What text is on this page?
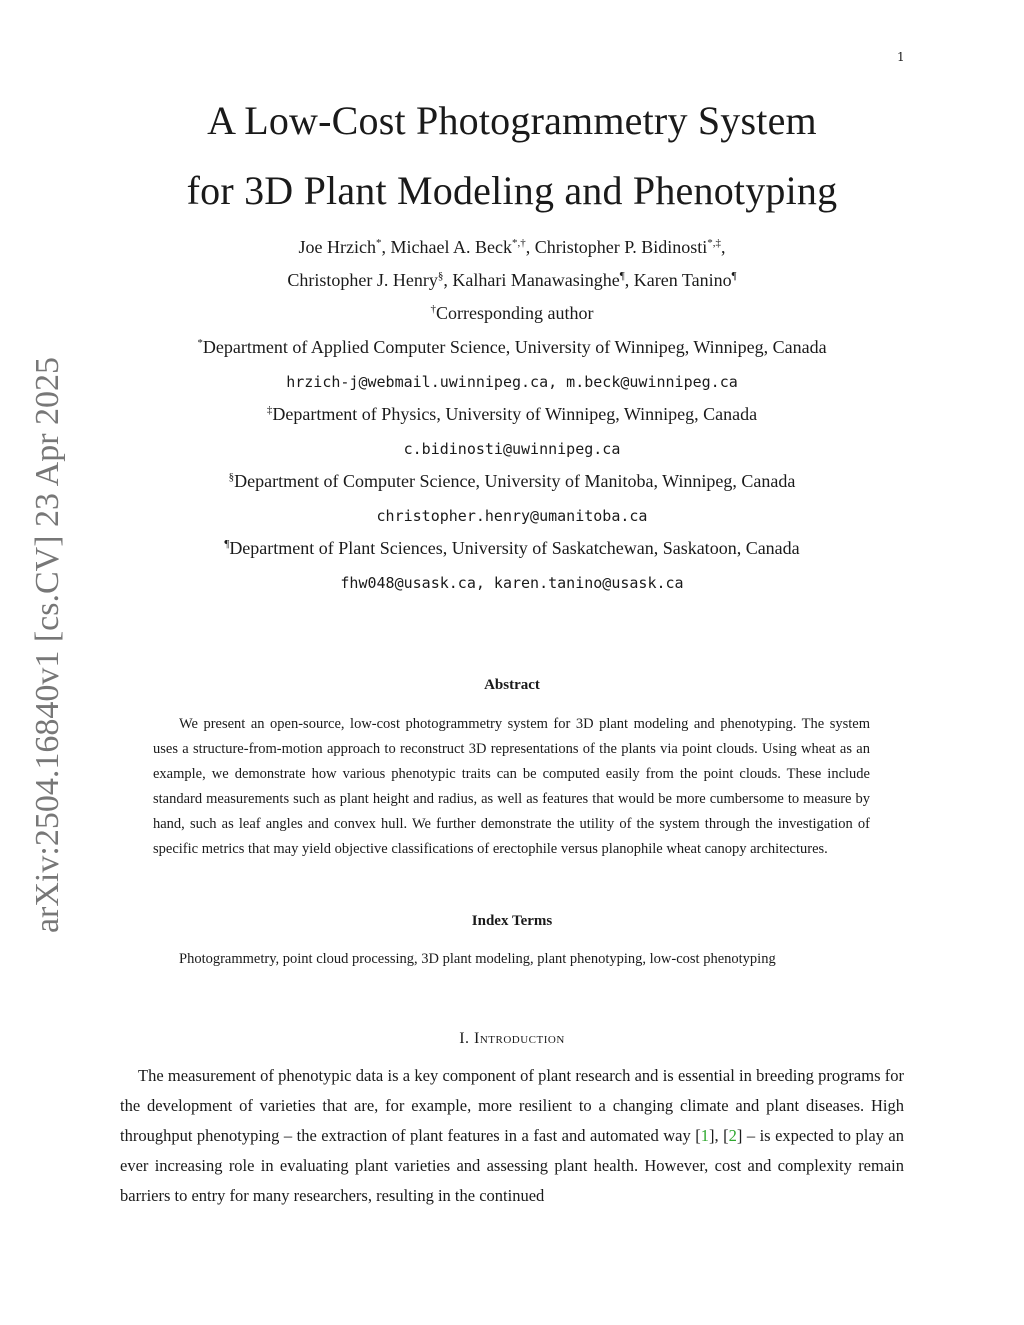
1
arXiv:2504.16840v1 [cs.CV] 23 Apr 2025
A Low-Cost Photogrammetry System
for 3D Plant Modeling and Phenotyping
Joe Hrzich*, Michael A. Beck*,†, Christopher P. Bidinosti*,‡,
Christopher J. Henry§, Kalhari Manawasinghe¶, Karen Tanino¶
†Corresponding author
*Department of Applied Computer Science, University of Winnipeg, Winnipeg, Canada
hrzich-j@webmail.uwinnipeg.ca, m.beck@uwinnipeg.ca
‡Department of Physics, University of Winnipeg, Winnipeg, Canada
c.bidinosti@uwinnipeg.ca
§Department of Computer Science, University of Manitoba, Winnipeg, Canada
christopher.henry@umanitoba.ca
¶Department of Plant Sciences, University of Saskatchewan, Saskatoon, Canada
fhw048@usask.ca, karen.tanino@usask.ca
Abstract
We present an open-source, low-cost photogrammetry system for 3D plant modeling and phenotyping. The system uses a structure-from-motion approach to reconstruct 3D representations of the plants via point clouds. Using wheat as an example, we demonstrate how various phenotypic traits can be computed easily from the point clouds. These include standard measurements such as plant height and radius, as well as features that would be more cumbersome to measure by hand, such as leaf angles and convex hull. We further demonstrate the utility of the system through the investigation of specific metrics that may yield objective classifications of erectophile versus planophile wheat canopy architectures.
Index Terms
Photogrammetry, point cloud processing, 3D plant modeling, plant phenotyping, low-cost phenotyping
I. Introduction
The measurement of phenotypic data is a key component of plant research and is essential in breeding programs for the development of varieties that are, for example, more resilient to a changing climate and plant diseases. High throughput phenotyping – the extraction of plant features in a fast and automated way [1], [2] – is expected to play an ever increasing role in evaluating plant varieties and assessing plant health. However, cost and complexity remain barriers to entry for many researchers, resulting in the continued
